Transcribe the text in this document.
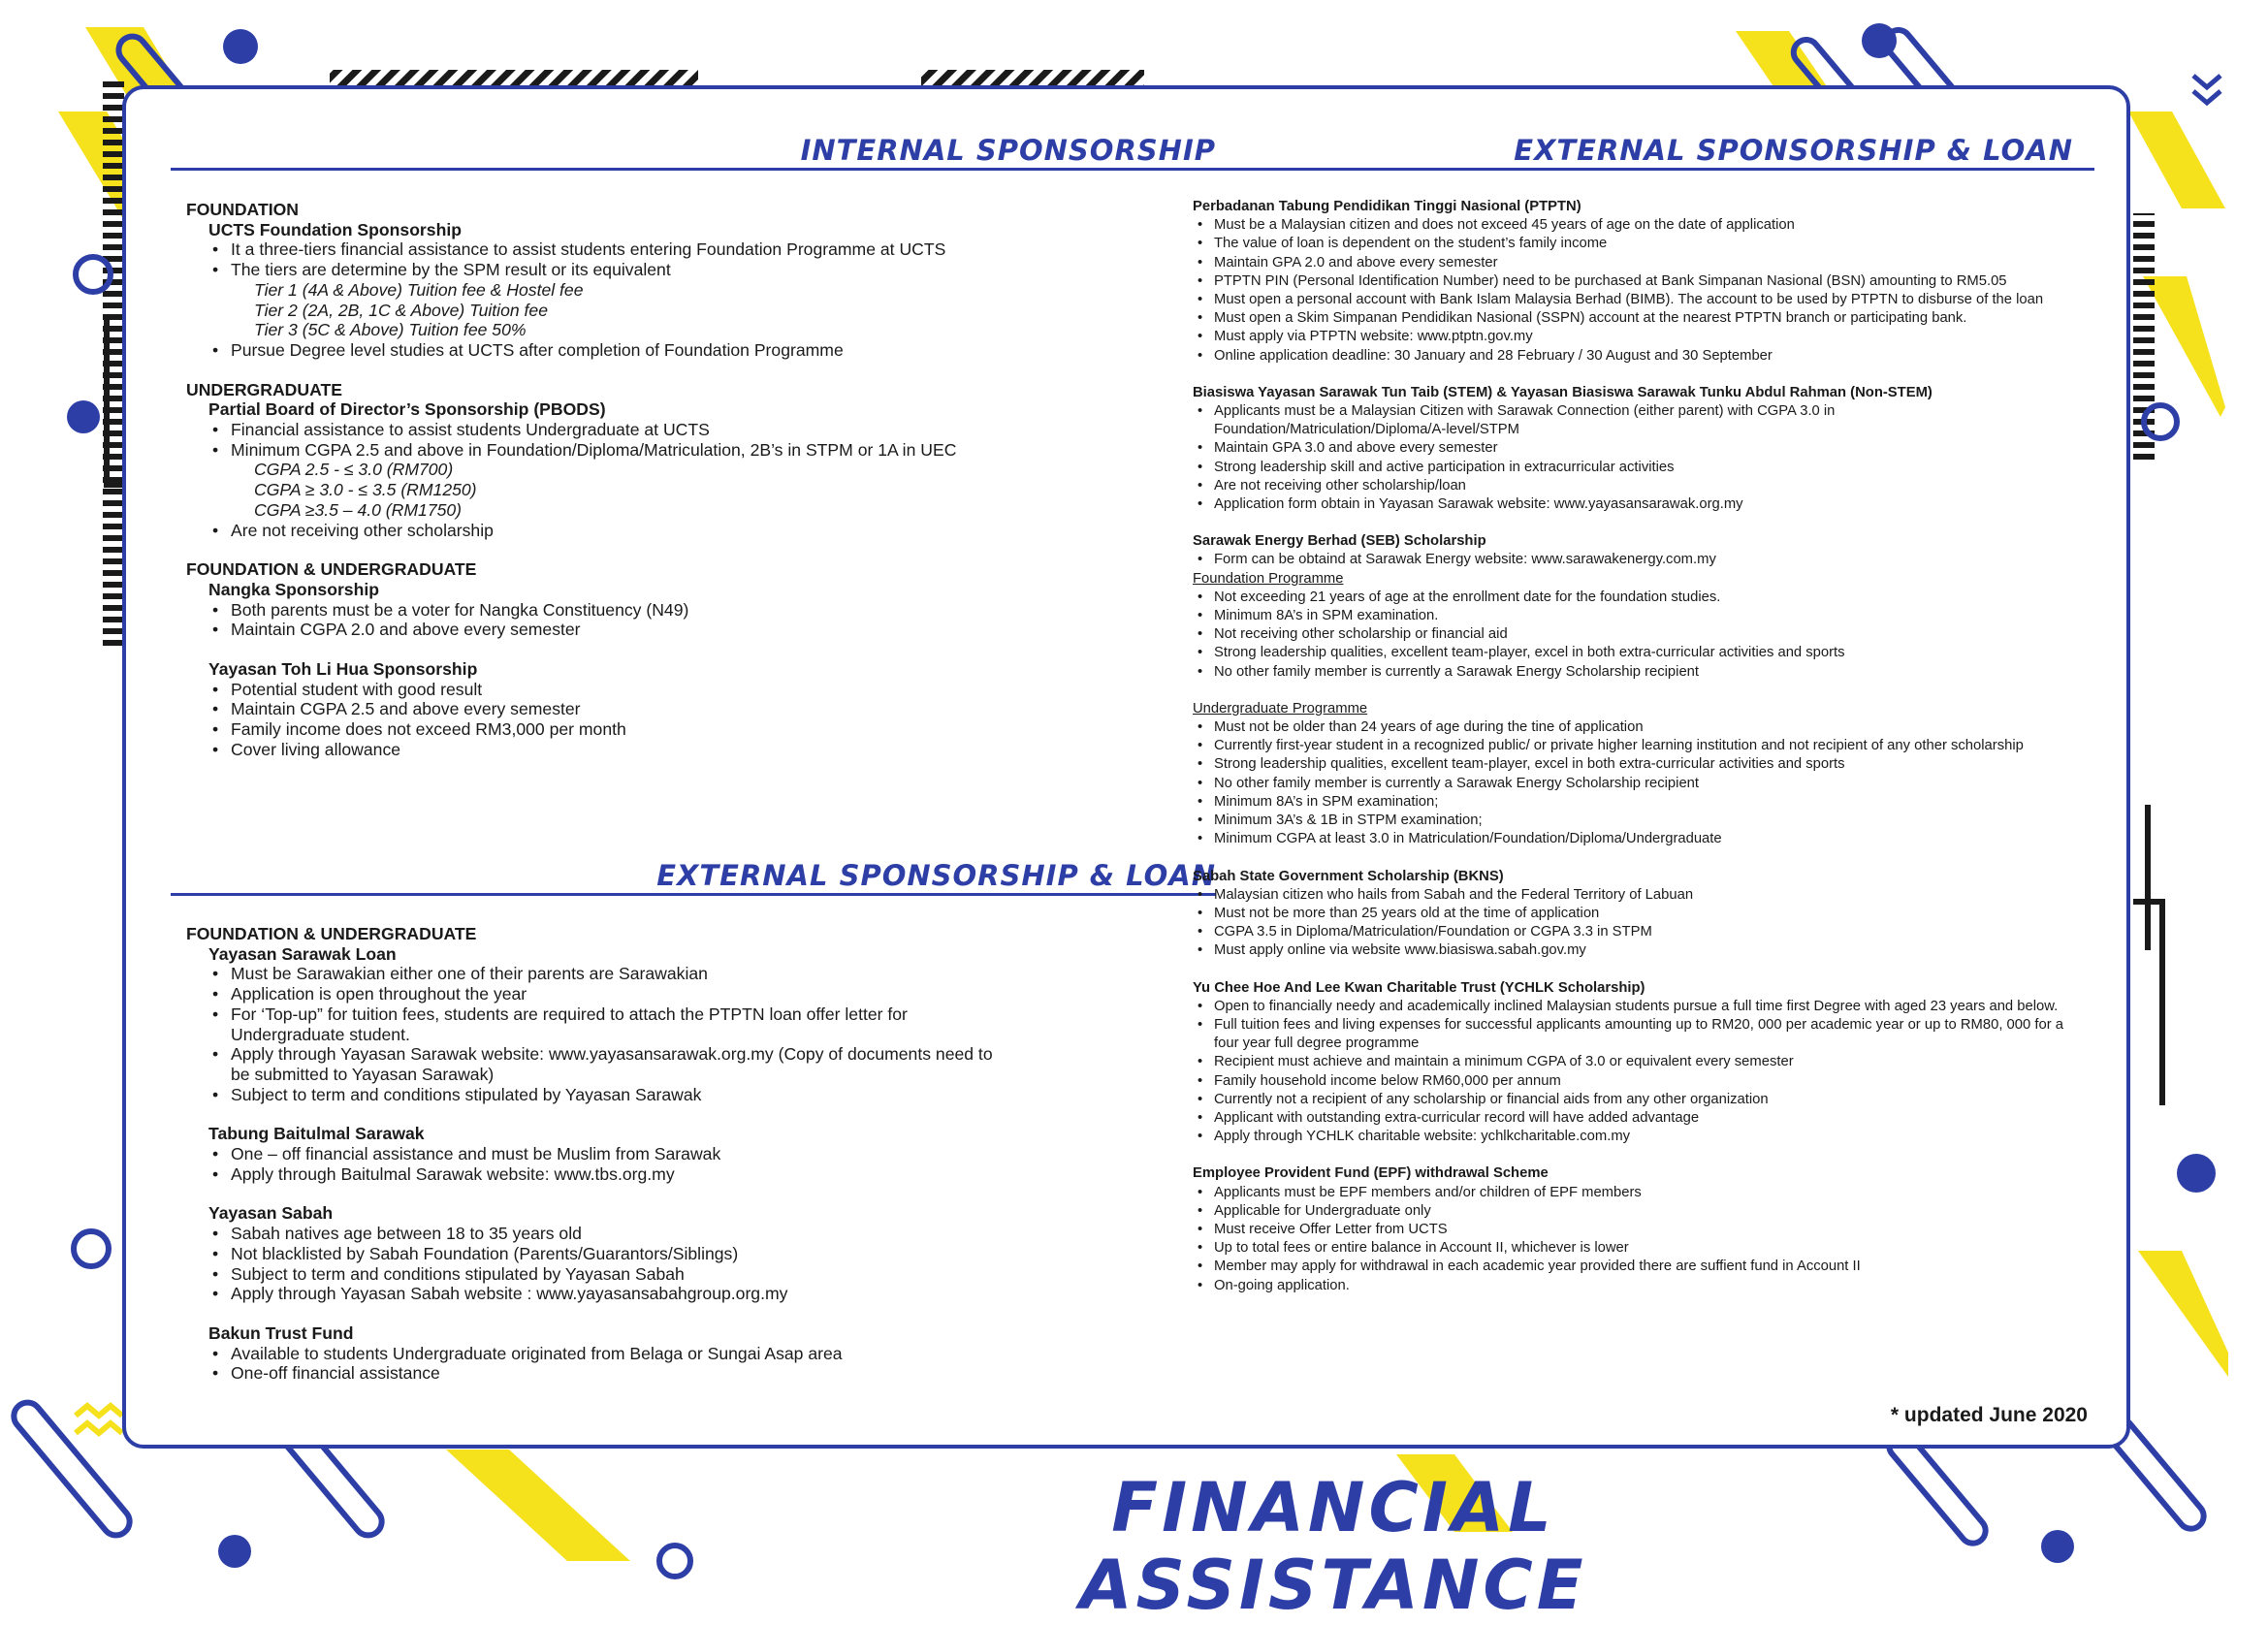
INTERNAL SPONSORSHIP
FOUNDATION
UCTS Foundation Sponsorship
• It a three-tiers financial assistance to assist students entering Foundation Programme at UCTS
• The tiers are determine by the SPM result or its equivalent
Tier 1 (4A & Above) Tuition fee & Hostel fee
Tier 2 (2A, 2B, 1C & Above) Tuition fee
Tier 3 (5C & Above) Tuition fee 50%
• Pursue Degree level studies at UCTS after completion of Foundation Programme
UNDERGRADUATE
Partial Board of Director’s Sponsorship (PBODS)
• Financial assistance to assist students Undergraduate at UCTS
• Minimum CGPA 2.5 and above in Foundation/Diploma/Matriculation, 2B’s in STPM or 1A in UEC
CGPA 2.5 - ≤ 3.0 (RM700)
CGPA ≥ 3.0 - ≤ 3.5 (RM1250)
CGPA ≥3.5 – 4.0 (RM1750)
• Are not receiving other scholarship
FOUNDATION & UNDERGRADUATE
Nangka Sponsorship
• Both parents must be a voter for Nangka Constituency (N49)
• Maintain CGPA 2.0 and above every semester
Yayasan Toh Li Hua Sponsorship
• Potential student with good result
• Maintain CGPA 2.5 and above every semester
• Family income does not exceed RM3,000 per month
• Cover living allowance
EXTERNAL SPONSORSHIP & LOAN
FOUNDATION & UNDERGRADUATE
Yayasan Sarawak Loan
• Must be Sarawakian either one of their parents are Sarawakian
• Application is open throughout the year
• For ‘Top-up” for tuition fees, students are required to attach the PTPTN loan offer letter for Undergraduate student.
• Apply through Yayasan Sarawak website: www.yayasansarawak.org.my (Copy of documents need to be submitted to Yayasan Sarawak)
• Subject to term and conditions stipulated by Yayasan Sarawak
Tabung Baitulmal Sarawak
• One – off financial assistance and must be Muslim from Sarawak
• Apply through Baitulmal Sarawak website: www.tbs.org.my
Yayasan Sabah
• Sabah natives age between 18 to 35 years old
• Not blacklisted by Sabah Foundation (Parents/Guarantors/Siblings)
• Subject to term and conditions stipulated by Yayasan Sabah
• Apply through Yayasan Sabah website : www.yayasansabahgroup.org.my
Bakun Trust Fund
• Available to students Undergraduate originated from Belaga or Sungai Asap area
• One-off financial assistance
EXTERNAL SPONSORSHIP & LOAN
Perbadanan Tabung Pendidikan Tinggi Nasional (PTPTN)
• Must be a Malaysian citizen and does not exceed 45 years of age on the date of application
• The value of loan is dependent on the student’s family income
• Maintain GPA 2.0 and above every semester
• PTPTN PIN (Personal Identification Number) need to be purchased at Bank Simpanan Nasional (BSN) amounting to RM5.05
• Must open a personal account with Bank Islam Malaysia Berhad (BIMB). The account to be used by PTPTN to disburse of the loan
• Must open a Skim Simpanan Pendidikan Nasional (SSPN) account at the nearest PTPTN branch or participating bank.
• Must apply via PTPTN website: www.ptptn.gov.my
• Online application deadline: 30 January and 28 February / 30 August and 30 September
Biasiswa Yayasan Sarawak Tun Taib (STEM) & Yayasan Biasiswa Sarawak Tunku Abdul Rahman (Non-STEM)
• Applicants must be a Malaysian Citizen with Sarawak Connection (either parent) with CGPA 3.0 in Foundation/Matriculation/Diploma/A-level/STPM
• Maintain GPA 3.0 and above every semester
• Strong leadership skill and active participation in extracurricular activities
• Are not receiving other scholarship/loan
• Application form obtain in Yayasan Sarawak website: www.yayasansarawak.org.my
Sarawak Energy Berhad (SEB) Scholarship
• Form can be obtaind at Sarawak Energy website: www.sarawakenergy.com.my
Foundation Programme
• Not exceeding 21 years of age at the enrollment date for the foundation studies.
• Minimum 8A’s in SPM examination.
• Not receiving other scholarship or financial aid
• Strong leadership qualities, excellent team-player, excel in both extra-curricular activities and sports
• No other family member is currently a Sarawak Energy Scholarship recipient
Undergraduate Programme
• Must not be older than 24 years of age during the tine of application
• Currently first-year student in a recognized public/ or private higher learning institution and not recipient of any other scholarship
• Strong leadership qualities, excellent team-player, excel in both extra-curricular activities and sports
• No other family member is currently a Sarawak Energy Scholarship recipient
• Minimum 8A’s in SPM examination;
• Minimum 3A’s & 1B in STPM examination;
• Minimum CGPA at least 3.0 in Matriculation/Foundation/Diploma/Undergraduate
Sabah State Government Scholarship (BKNS)
• Malaysian citizen who hails from Sabah and the Federal Territory of Labuan
• Must not be more than 25 years old at the time of application
• CGPA 3.5 in Diploma/Matriculation/Foundation or CGPA 3.3 in STPM
• Must apply online via website www.biasiswa.sabah.gov.my
Yu Chee Hoe And Lee Kwan Charitable Trust (YCHLK Scholarship)
• Open to financially needy and academically inclined Malaysian students pursue a full time first Degree with aged 23 years and below.
• Full tuition fees and living expenses for successful applicants amounting up to RM20, 000 per academic year or up to RM80, 000 for a four year full degree programme
• Recipient must achieve and maintain a minimum CGPA of 3.0 or equivalent every semester
• Family household income below RM60,000 per annum
• Currently not a recipient of any scholarship or financial aids from any other organization
• Applicant with outstanding extra-curricular record will have added advantage
• Apply through YCHLK charitable website: ychlkcharitable.com.my
Employee Provident Fund (EPF) withdrawal Scheme
• Applicants must be EPF members and/or children of EPF members
• Applicable for Undergraduate only
• Must receive Offer Letter from UCTS
• Up to total fees or entire balance in Account II, whichever is lower
• Member may apply for withdrawal in each academic year provided there are suffient fund in Account II
• On-going application.
* updated June 2020
FINANCIAL ASSISTANCE
